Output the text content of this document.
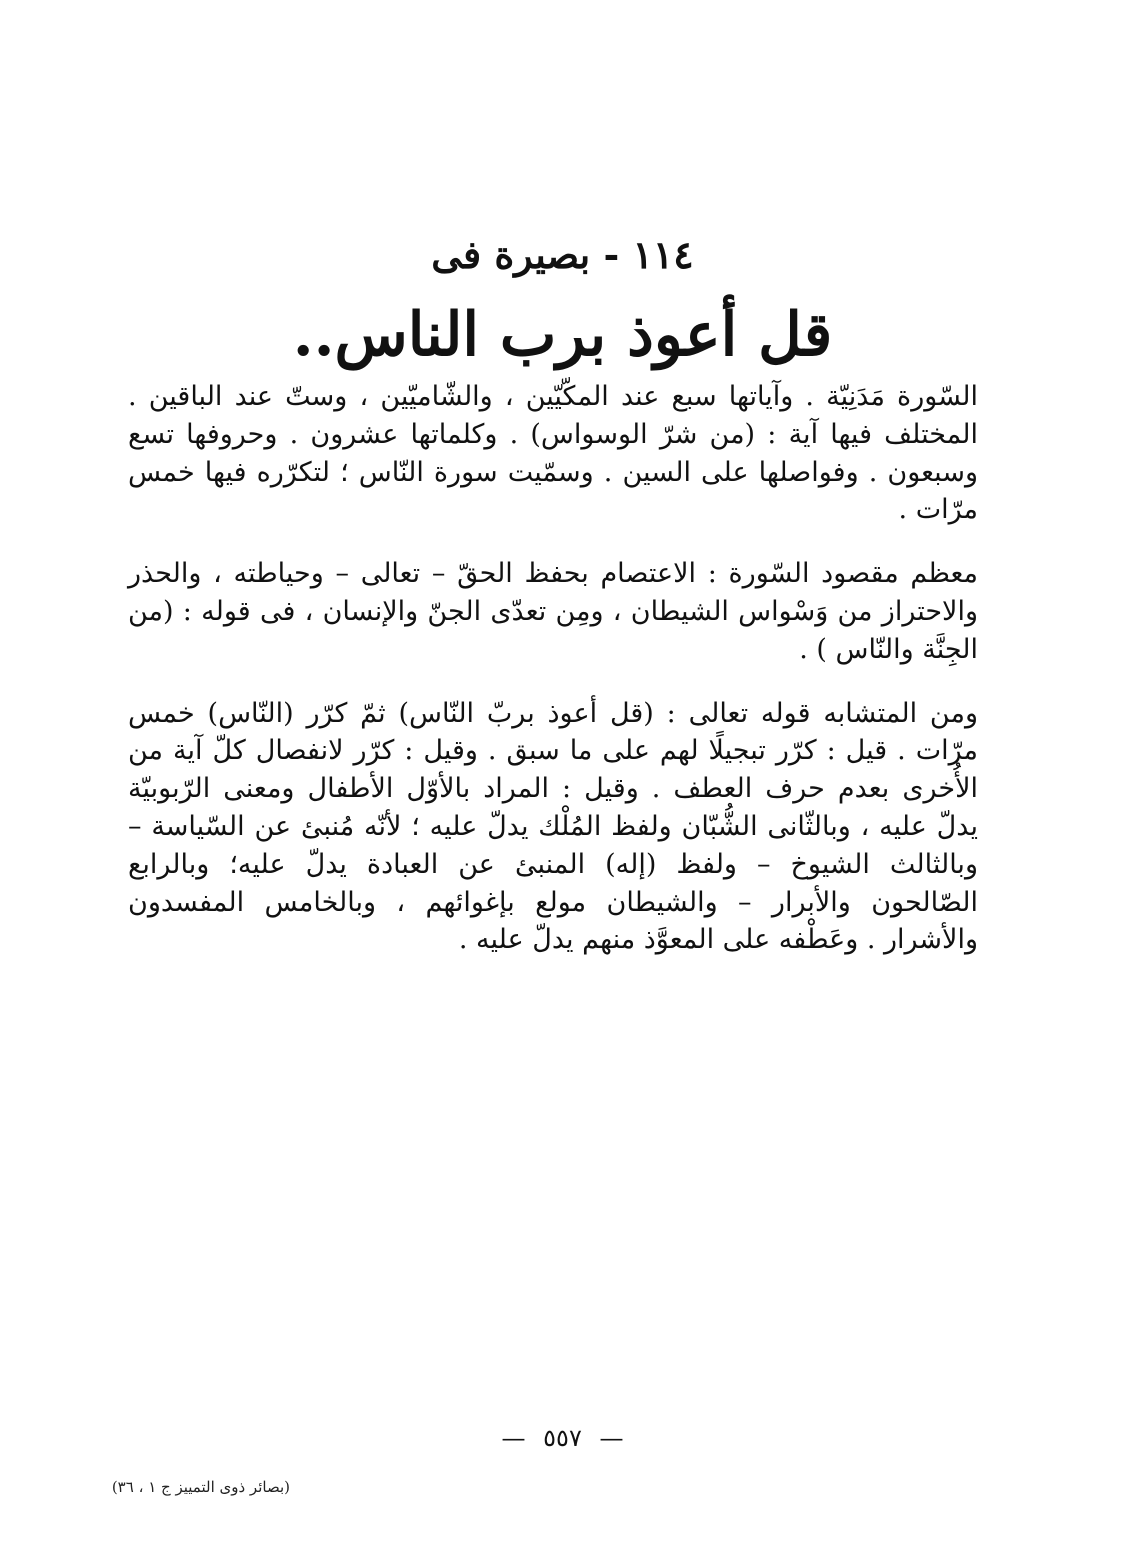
١١٤ - بصيرة فى
قل أعوذ برب الناس..

السّورة مَدَنِيّة . وآياتها سبع عند المكّيّين ، والشّاميّين ، وستّ عند الباقين . المختلف فيها آية : (من شرّ الوسواس) . وكلماتها عشرون . وحروفها تسع وسبعون . وفواصلها على السين . وسمّيت سورة النّاس ؛ لتكرّره فيها خمس مرّات .

معظم مقصود السّورة : الاعتصام بحفظ الحقّ – تعالى – وحياطته ، والحذر والاحتراز من وَسْواس الشيطان ، ومِن تعدّى الجنّ والإنسان ، فى قوله : (من الجِنَّة والنّاس ) .

ومن المتشابه قوله تعالى : (قل أعوذ بربّ النّاس) ثمّ كرّر (النّاس) خمس مرّات . قيل : كرّر تبجيلًا لهم على ما سبق . وقيل : كرّر لانفصال كلّ آية من الأُخرى بعدم حرف العطف . وقيل : المراد بالأوّل الأطفال ومعنى الرّبوبيّة يدلّ عليه ، وبالثّانى الشُّبّان ولفظ المُلْك يدلّ عليه ؛ لأنّه مُنبئ عن السّياسة – وبالثالث الشيوخ – ولفظ (إله) المنبئ عن العبادة يدلّ عليه؛ وبالرابع الصّالحون والأبرار – والشيطان مولع بإغوائهم ، وبالخامس المفسدون والأشرار . وعَطْفه على المعوَّذ منهم يدلّ عليه .

— ٥٥٧ —
(بصائر ذوى التمييز ج ١ ، ٣٦)
